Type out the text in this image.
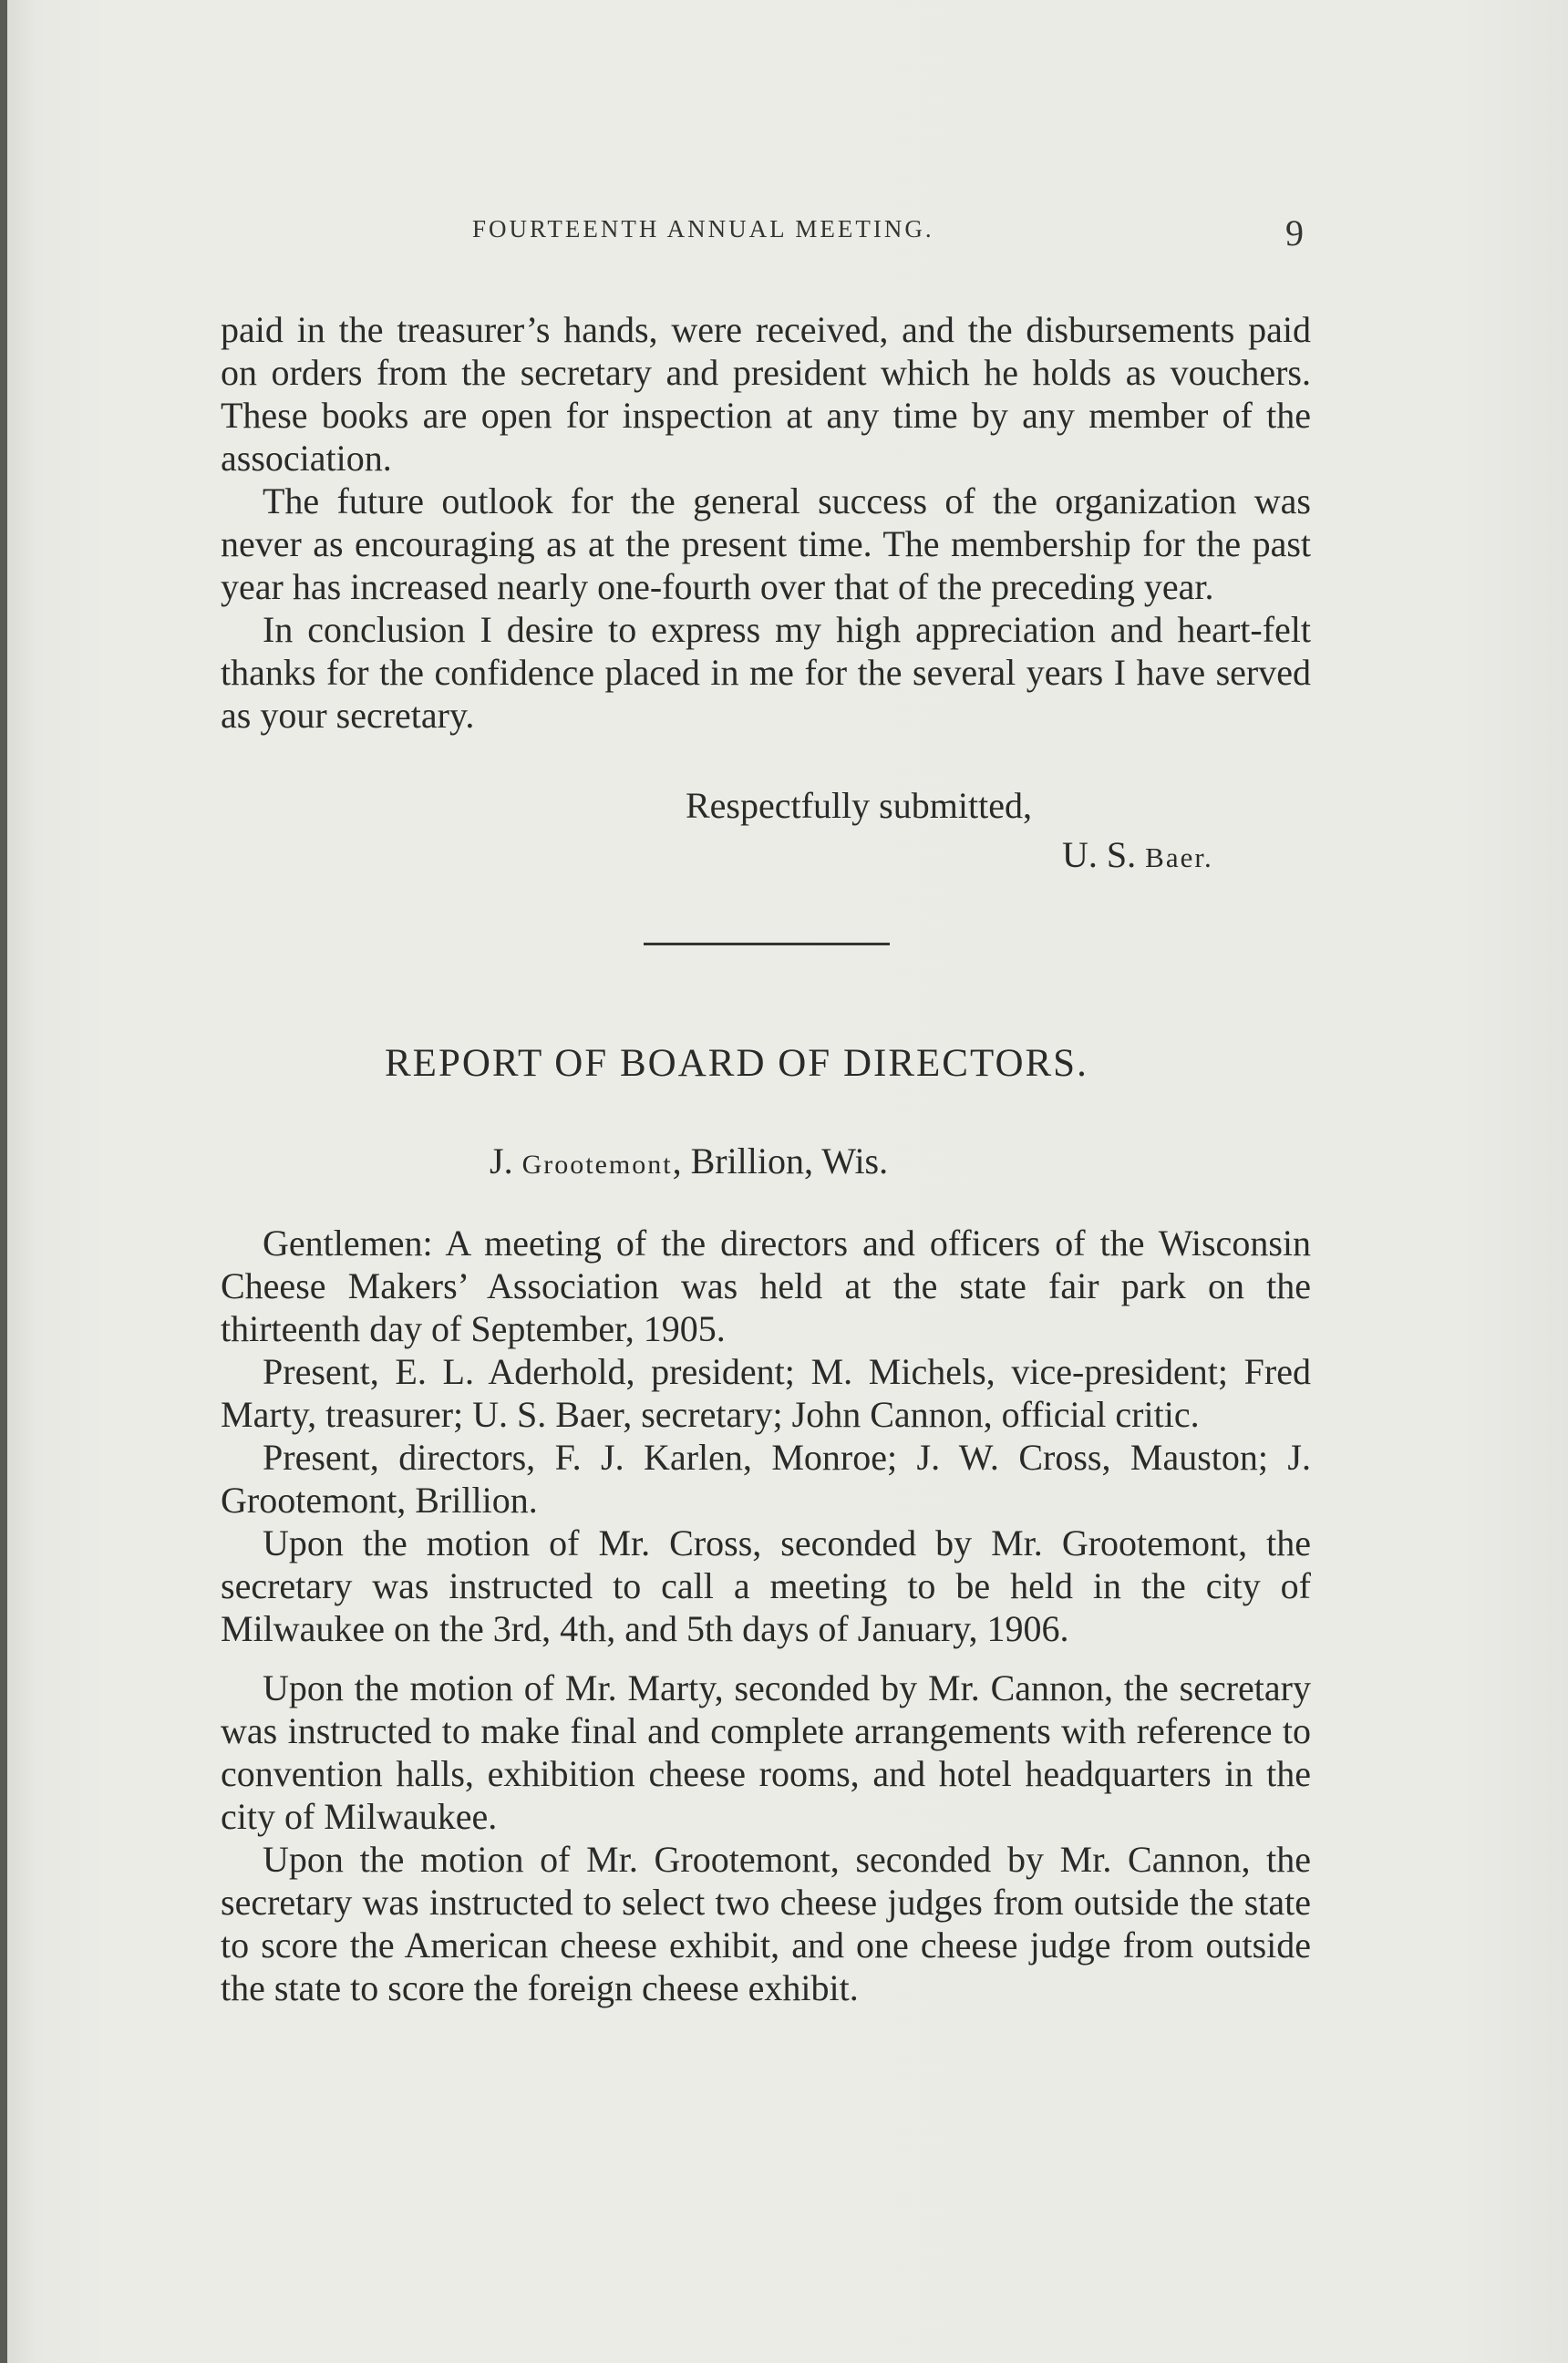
FOURTEENTH ANNUAL MEETING.	9

paid in the treasurer’s hands, were received, and the disbursements paid on orders from the secretary and president which he holds as vouchers. These books are open for inspection at any time by any member of the association.

The future outlook for the general success of the organization was never as encouraging as at the present time. The membership for the past year has increased nearly one-fourth over that of the preceding year.

In conclusion I desire to express my high appreciation and heart-felt thanks for the confidence placed in me for the several years I have served as your secretary.

Respectfully submitted,
U. S. Baer.
REPORT OF BOARD OF DIRECTORS.
J. Grootemont, Brillion, Wis.

Gentlemen: A meeting of the directors and officers of the Wisconsin Cheese Makers’ Association was held at the state fair park on the thirteenth day of September, 1905.

Present, E. L. Aderhold, president; M. Michels, vice-president; Fred Marty, treasurer; U. S. Baer, secretary; John Cannon, official critic.

Present, directors, F. J. Karlen, Monroe; J. W. Cross, Mauston; J. Grootemont, Brillion.

Upon the motion of Mr. Cross, seconded by Mr. Grootemont, the secretary was instructed to call a meeting to be held in the city of Milwaukee on the 3rd, 4th, and 5th days of January, 1906.

Upon the motion of Mr. Marty, seconded by Mr. Cannon, the secretary was instructed to make final and complete arrangements with reference to convention halls, exhibition cheese rooms, and hotel headquarters in the city of Milwaukee.

Upon the motion of Mr. Grootemont, seconded by Mr. Cannon, the secretary was instructed to select two cheese judges from outside the state to score the American cheese exhibit, and one cheese judge from outside the state to score the foreign cheese exhibit.
